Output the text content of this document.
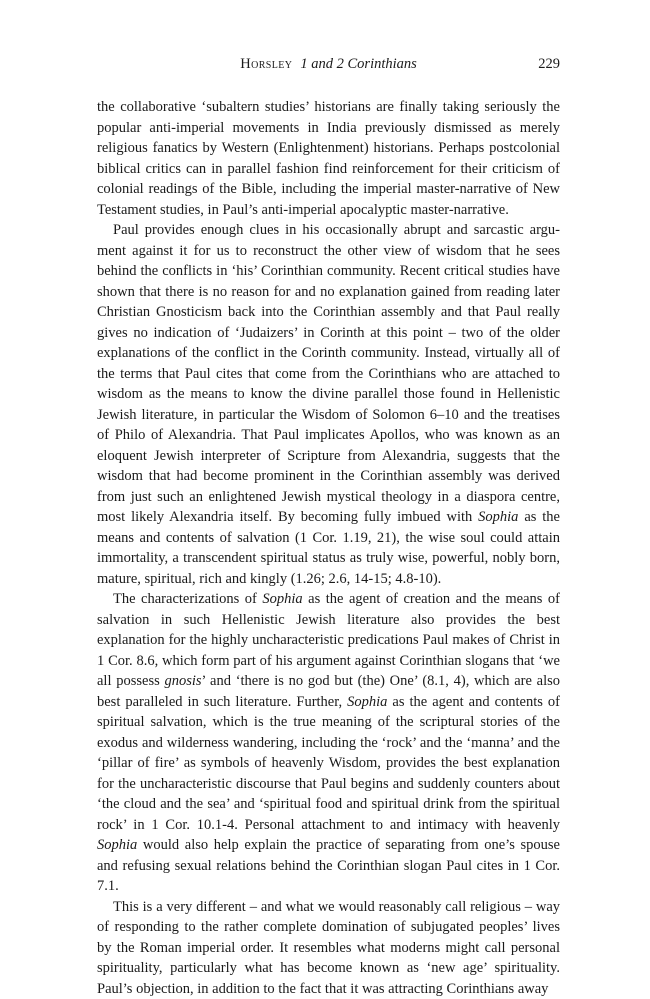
Horsley 1 and 2 Corinthians	229

the collaborative ‘subaltern studies’ historians are finally taking seriously the popular anti-imperial movements in India previously dismissed as merely religious fanatics by Western (Enlightenment) historians. Perhaps postcolonial biblical critics can in parallel fashion find reinforcement for their criticism of colonial readings of the Bible, including the imperial master-narrative of New Testament studies, in Paul’s anti-imperial apocalyptic master-narrative.

Paul provides enough clues in his occasionally abrupt and sarcastic argument against it for us to reconstruct the other view of wisdom that he sees behind the conflicts in ‘his’ Corinthian community. Recent critical studies have shown that there is no reason for and no explanation gained from reading later Christian Gnosticism back into the Corinthian assembly and that Paul really gives no indication of ‘Judaizers’ in Corinth at this point – two of the older explanations of the conflict in the Corinth community. Instead, virtually all of the terms that Paul cites that come from the Corinthians who are attached to wisdom as the means to know the divine parallel those found in Hellenistic Jewish literature, in particular the Wisdom of Solomon 6–10 and the treatises of Philo of Alexandria. That Paul implicates Apollos, who was known as an eloquent Jewish interpreter of Scripture from Alexandria, suggests that the wisdom that had become prominent in the Corinthian assembly was derived from just such an enlightened Jewish mystical theology in a diaspora centre, most likely Alexandria itself. By becoming fully imbued with Sophia as the means and contents of salvation (1 Cor. 1.19, 21), the wise soul could attain immortality, a transcendent spiritual status as truly wise, powerful, nobly born, mature, spiritual, rich and kingly (1.26; 2.6, 14-15; 4.8-10).

The characterizations of Sophia as the agent of creation and the means of salvation in such Hellenistic Jewish literature also provides the best explanation for the highly uncharacteristic predications Paul makes of Christ in 1 Cor. 8.6, which form part of his argument against Corinthian slogans that ‘we all possess gnosis’ and ‘there is no god but (the) One’ (8.1, 4), which are also best paralleled in such literature. Further, Sophia as the agent and contents of spiritual salvation, which is the true meaning of the scriptural stories of the exodus and wilderness wandering, including the ‘rock’ and the ‘manna’ and the ‘pillar of fire’ as symbols of heavenly Wisdom, provides the best explanation for the uncharacteristic discourse that Paul begins and suddenly counters about ‘the cloud and the sea’ and ‘spiritual food and spiritual drink from the spiritual rock’ in 1 Cor. 10.1-4. Personal attachment to and intimacy with heavenly Sophia would also help explain the practice of separating from one’s spouse and refusing sexual relations behind the Corinthian slogan Paul cites in 1 Cor. 7.1.

This is a very different – and what we would reasonably call religious – way of responding to the rather complete domination of subjugated peoples’ lives by the Roman imperial order. It resembles what moderns might call personal spirituality, particularly what has become known as ‘new age’ spirituality. Paul’s objection, in addition to the fact that it was attracting Corinthians away
